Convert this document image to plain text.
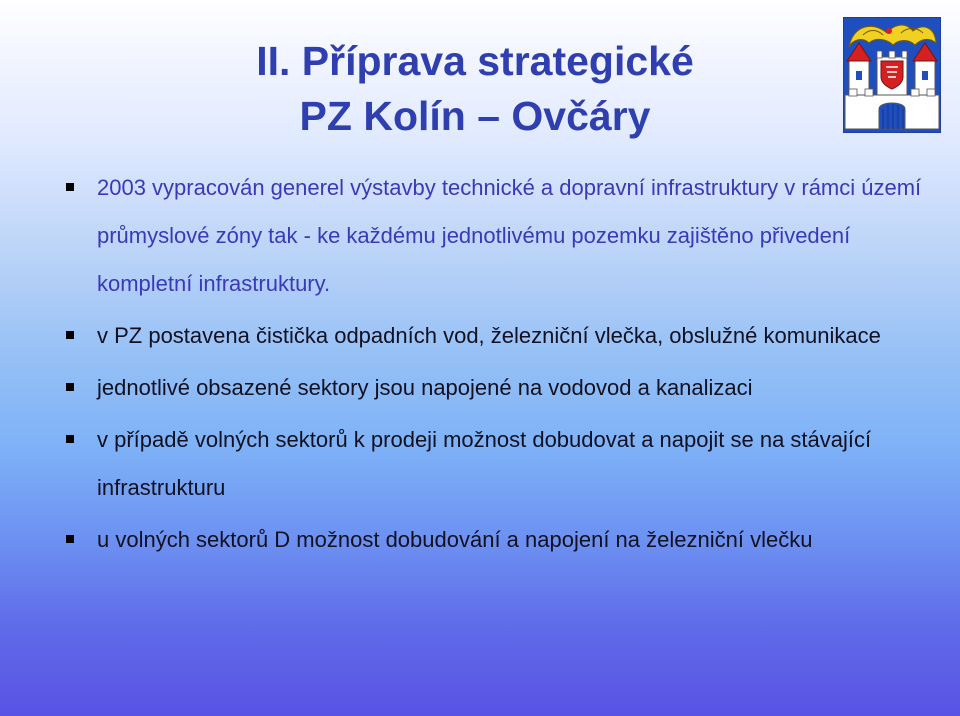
II. Příprava strategické
PZ Kolín – Ovčáry
2003 vypracován generel výstavby technické a dopravní infrastruktury v rámci území průmyslové zóny tak - ke každému jednotlivému pozemku zajištěno přivedení kompletní infrastruktury.
v PZ postavena čistička odpadních vod, železniční vlečka, obslužné komunikace
jednotlivé obsazené sektory jsou napojené na vodovod a kanalizaci
v případě volných sektorů k prodeji možnost dobudovat a napojit se na stávající infrastrukturu
u volných sektorů D možnost dobudování a napojení na železniční vlečku
